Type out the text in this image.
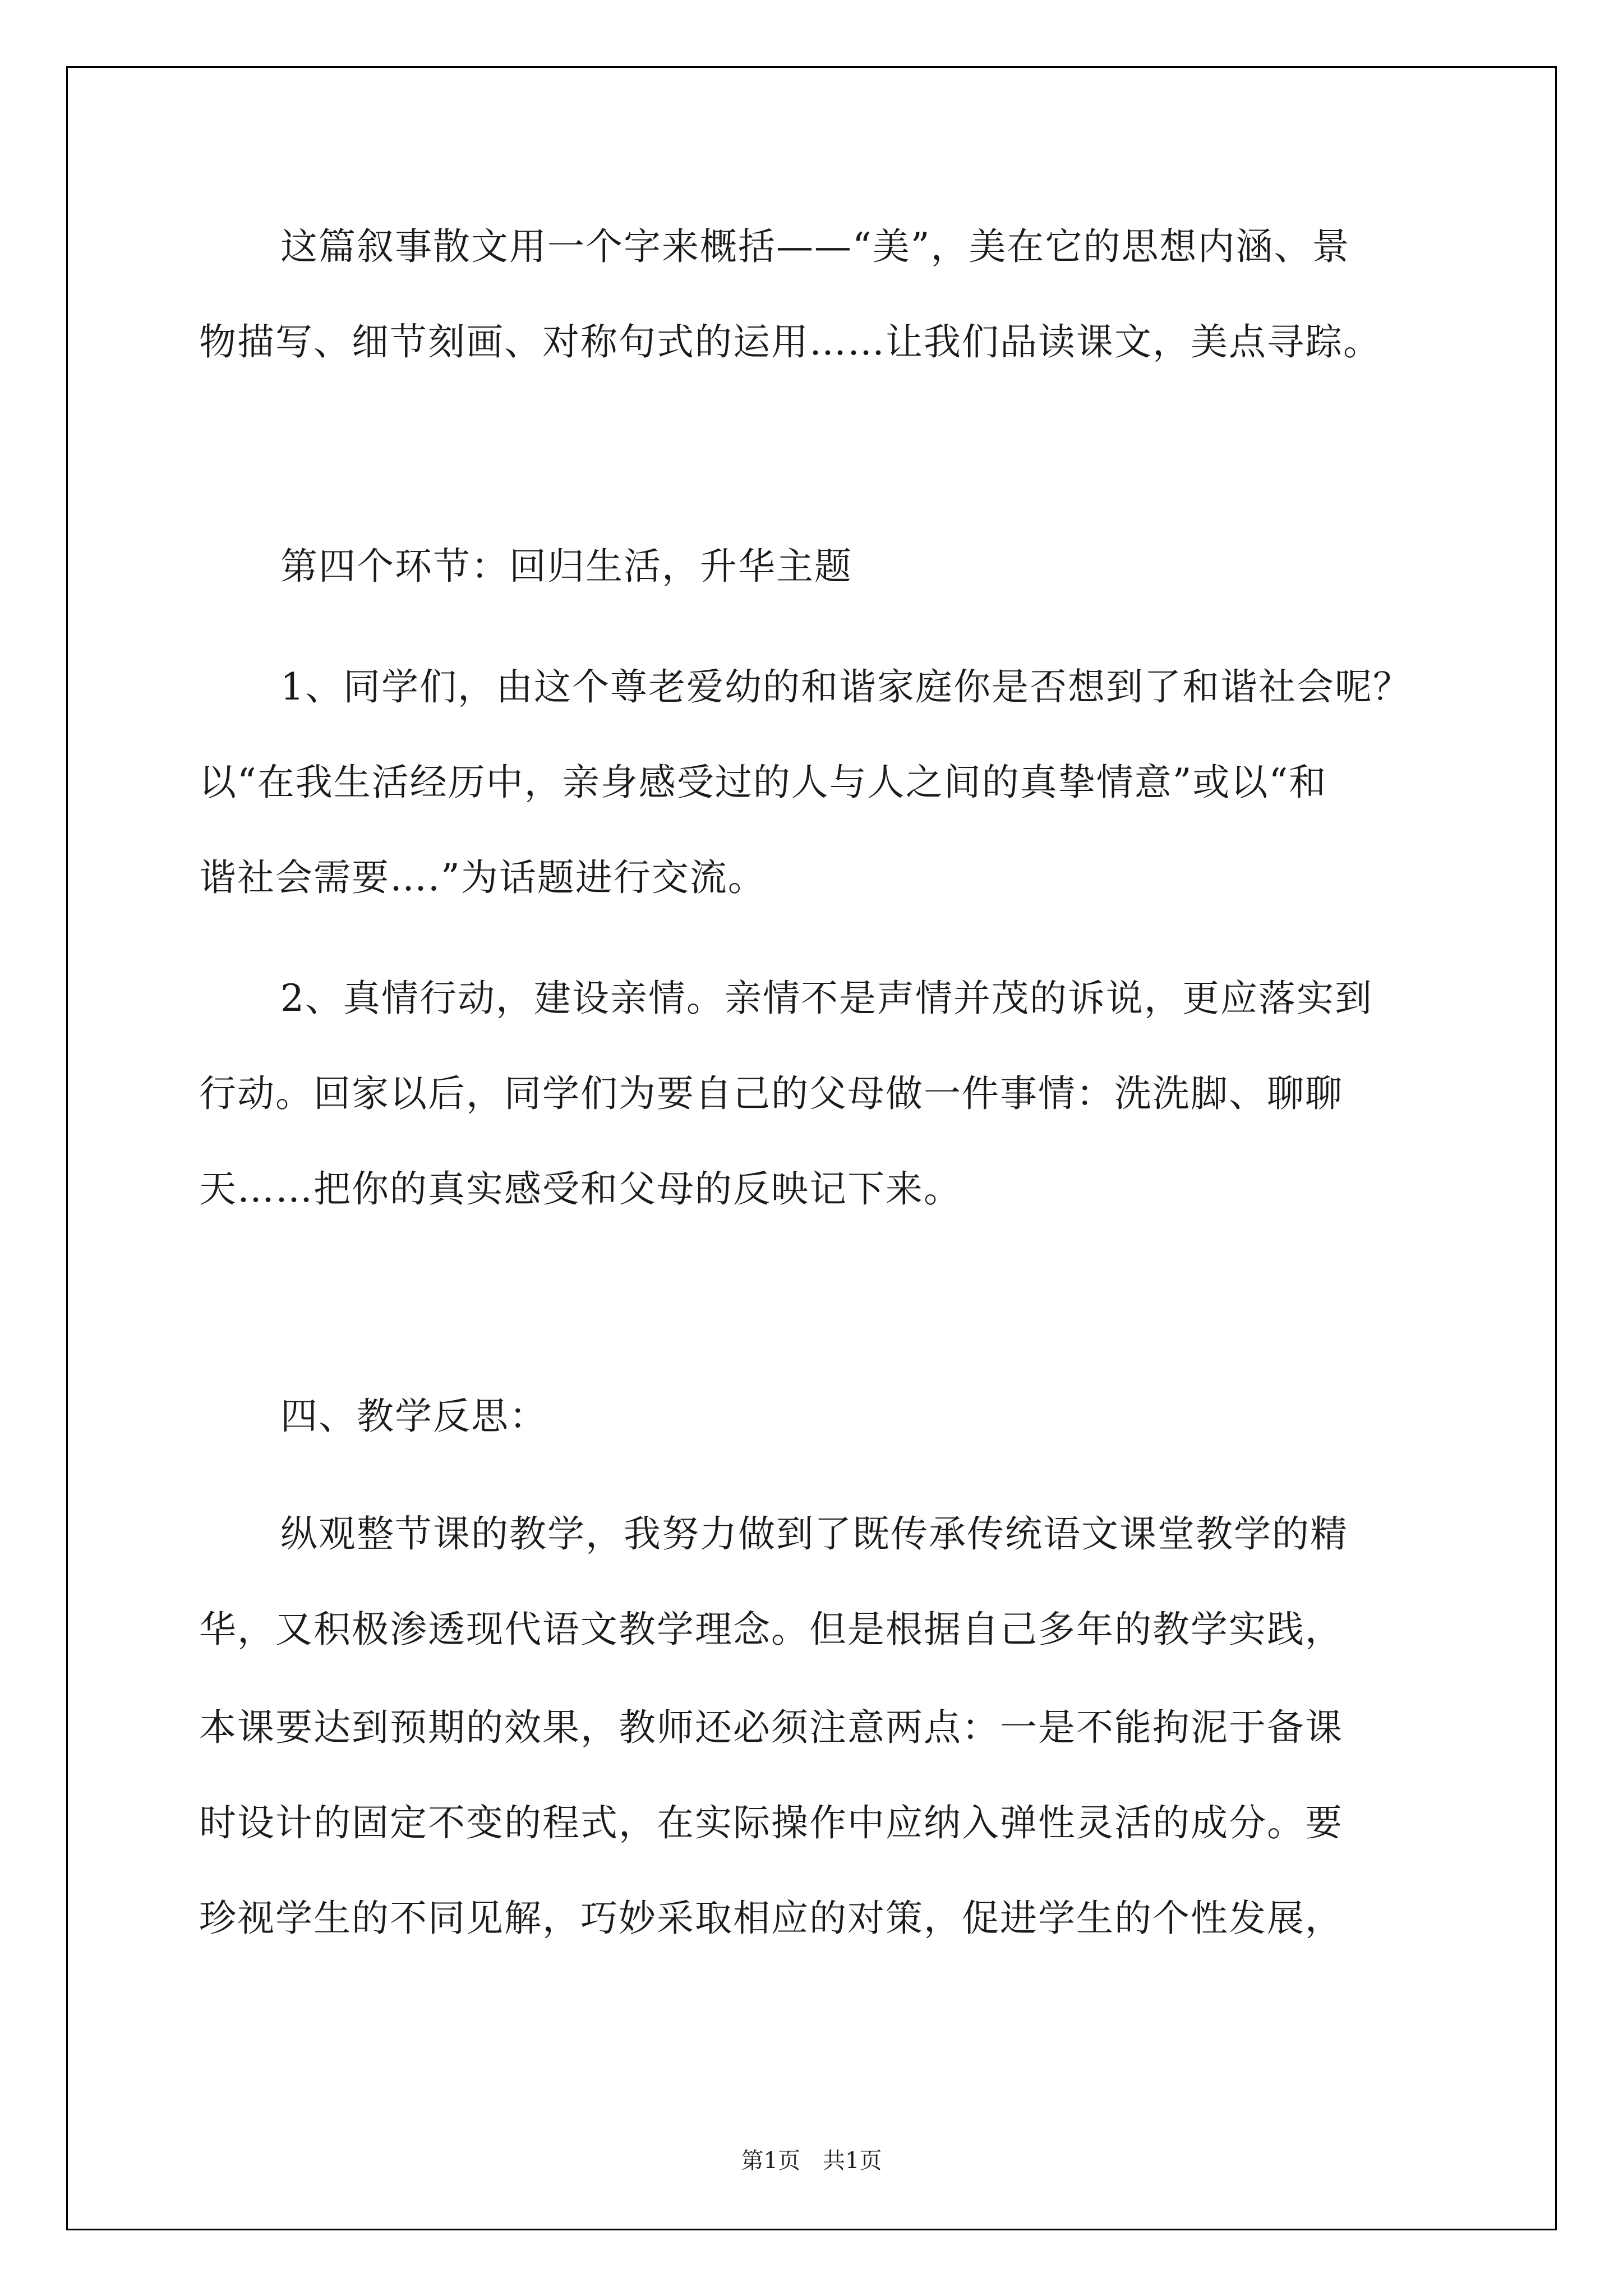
这篇叙事散文用一个字来概括——“美”，美在它的思想内涵、景
物描写、细节刻画、对称句式的运用……让我们品读课文，美点寻踪。
第四个环节：回归生活，升华主题
1、同学们，由这个尊老爱幼的和谐家庭你是否想到了和谐社会呢？
以“在我生活经历中，亲身感受过的人与人之间的真挚情意”或以“和
谐社会需要….”为话题进行交流。
2、真情行动，建设亲情。亲情不是声情并茂的诉说，更应落实到
行动。回家以后，同学们为要自己的父母做一件事情：洗洗脚、聊聊
天……把你的真实感受和父母的反映记下来。
四、教学反思：
纵观整节课的教学，我努力做到了既传承传统语文课堂教学的精
华，又积极渗透现代语文教学理念。但是根据自己多年的教学实践，
本课要达到预期的效果，教师还必须注意两点：一是不能拘泥于备课
时设计的固定不变的程式，在实际操作中应纳入弹性灵活的成分。要
珍视学生的不同见解，巧妙采取相应的对策，促进学生的个性发展，
第1页　共1页
